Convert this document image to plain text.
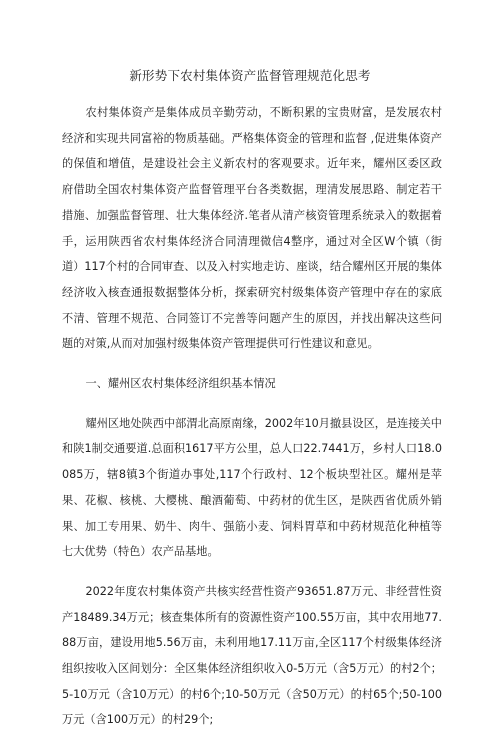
新形势下农村集体资产监督管理规范化思考

农村集体资产是集体成员辛勤劳动，不断积累的宝贵财富，是发展农村经济和实现共同富裕的物质基础。严格集体资金的管理和监督 ,促进集体资产的保值和增值，是建设社会主义新农村的客观要求。近年来，耀州区委区政府借助全国农村集体资产监督管理平台各类数据，理清发展思路、制定若干措施、加强监督管理、壮大集体经济.笔者从清产核资管理系统录入的数据着手，运用陕西省农村集体经济合同清理微信4整序，通过对全区W个镇（街道）117个村的合同审查、以及入村实地走访、座谈，结合耀州区开展的集体经济收入核查通报数据整体分析，探索研究村级集体资产管理中存在的家底不清、管理不规范、合同签订不完善等问题产生的原因，并找出解决这些问题的对策,从而对加强村级集体资产管理提供可行性建议和意见。

一、耀州区农村集体经济组织基本情况

耀州区地处陕西中部渭北高原南缘，2002年10月撤县设区，是连接关中和陕1制交通要道.总面积1617平方公里，总人口22.7441万，乡村人口18.0085万，辖8镇3个街道办事处,117个行政村、12个板块型社区。耀州是苹果、花椒、核桃、大樱桃、酿酒葡萄、中药材的优生区，是陕西省优质外销果、加工专用果、奶牛、肉牛、强筋小麦、饲料胃草和中药材规范化种植等七大优势（特色）农产品基地。

2022年度农村集体资产共核实经营性资产93651.87万元、非经营性资产18489.34万元；核查集体所有的资源性资产100.55万亩，其中农用地77.88万亩，建设用地5.56万亩，未利用地17.11万亩,全区117个村级集体经济组织按收入区间划分：全区集体经济组织收入0-5万元（含5万元）的村2个；5-10万元（含10万元）的村6个;10-50万元（含50万元）的村65个;50-100万元（含100万元）的村29个;
